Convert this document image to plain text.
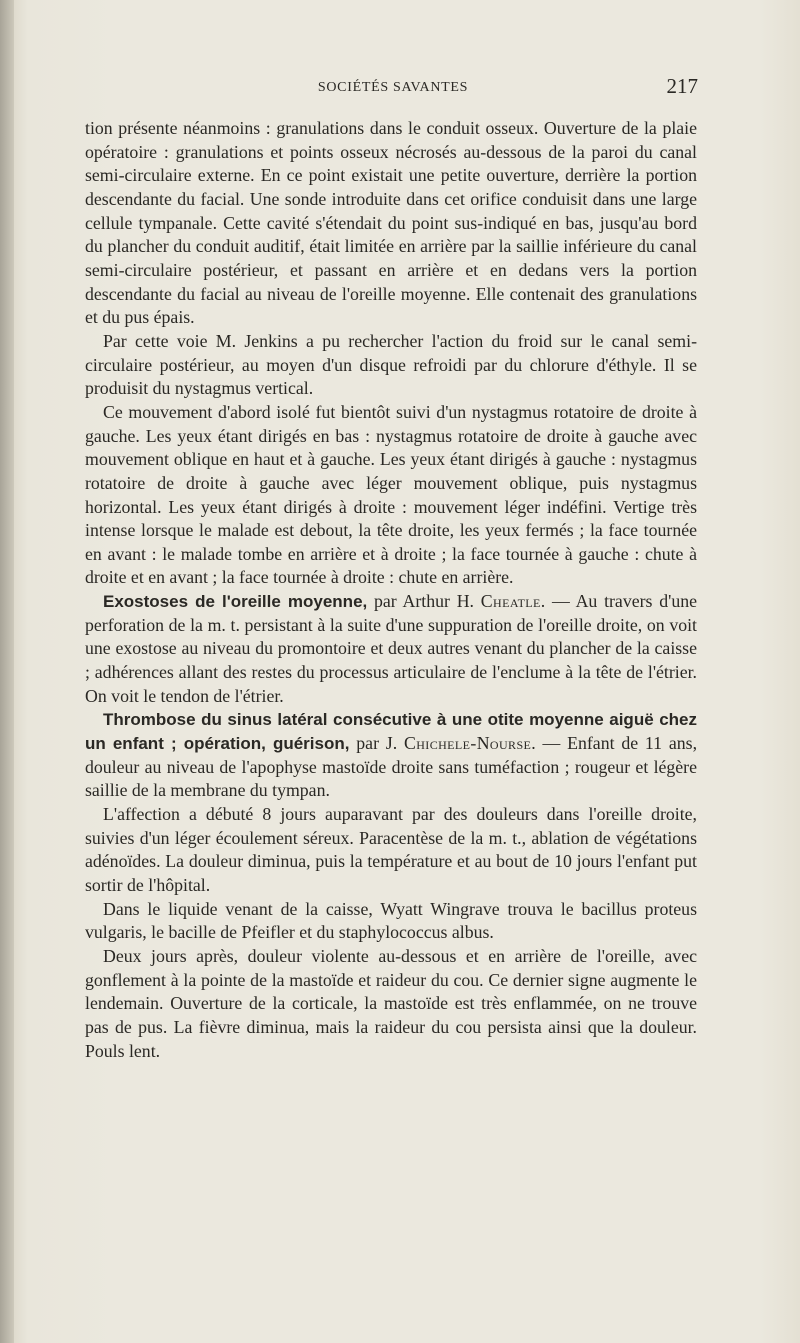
SOCIÉTÉS SAVANTES	217

tion présente néanmoins : granulations dans le conduit osseux. Ouverture de la plaie opératoire : granulations et points osseux nécrosés au-dessous de la paroi du canal semi-circulaire externe. En ce point existait une petite ouverture, derrière la portion descendante du facial. Une sonde introduite dans cet orifice conduisit dans une large cellule tympanale. Cette cavité s'étendait du point sus-indiqué en bas, jusqu'au bord du plancher du conduit auditif, était limitée en arrière par la saillie inférieure du canal semi-circulaire postérieur, et passant en arrière et en dedans vers la portion descendante du facial au niveau de l'oreille moyenne. Elle contenait des granulations et du pus épais.

Par cette voie M. Jenkins a pu rechercher l'action du froid sur le canal semi-circulaire postérieur, au moyen d'un disque refroidi par du chlorure d'éthyle. Il se produisit du nystagmus vertical.

Ce mouvement d'abord isolé fut bientôt suivi d'un nystagmus rotatoire de droite à gauche. Les yeux étant dirigés en bas : nystagmus rotatoire de droite à gauche avec mouvement oblique en haut et à gauche. Les yeux étant dirigés à gauche : nystagmus rotatoire de droite à gauche avec léger mouvement oblique, puis nystagmus horizontal. Les yeux étant dirigés à droite : mouvement léger indéfini. Vertige très intense lorsque le malade est debout, la tête droite, les yeux fermés ; la face tournée en avant : le malade tombe en arrière et à droite ; la face tournée à gauche : chute à droite et en avant ; la face tournée à droite : chute en arrière.

Exostoses de l'oreille moyenne, par Arthur H. Cheatle. — Au travers d'une perforation de la m. t. persistant à la suite d'une suppuration de l'oreille droite, on voit une exostose au niveau du promontoire et deux autres venant du plancher de la caisse ; adhérences allant des restes du processus articulaire de l'enclume à la tête de l'étrier. On voit le tendon de l'étrier.

Thrombose du sinus latéral consécutive à une otite moyenne aiguë chez un enfant ; opération, guérison, par J. Chichele-Nourse. — Enfant de 11 ans, douleur au niveau de l'apophyse mastoïde droite sans tuméfaction ; rougeur et légère saillie de la membrane du tympan.

L'affection a débuté 8 jours auparavant par des douleurs dans l'oreille droite, suivies d'un léger écoulement séreux. Paracentèse de la m. t., ablation de végétations adénoïdes. La douleur diminua, puis la température et au bout de 10 jours l'enfant put sortir de l'hôpital.

Dans le liquide venant de la caisse, Wyatt Wingrave trouva le bacillus proteus vulgaris, le bacille de Pfeifler et du staphylococcus albus.

Deux jours après, douleur violente au-dessous et en arrière de l'oreille, avec gonflement à la pointe de la mastoïde et raideur du cou. Ce dernier signe augmente le lendemain. Ouverture de la corticale, la mastoïde est très enflammée, on ne trouve pas de pus. La fièvre diminua, mais la raideur du cou persista ainsi que la douleur. Pouls lent.
